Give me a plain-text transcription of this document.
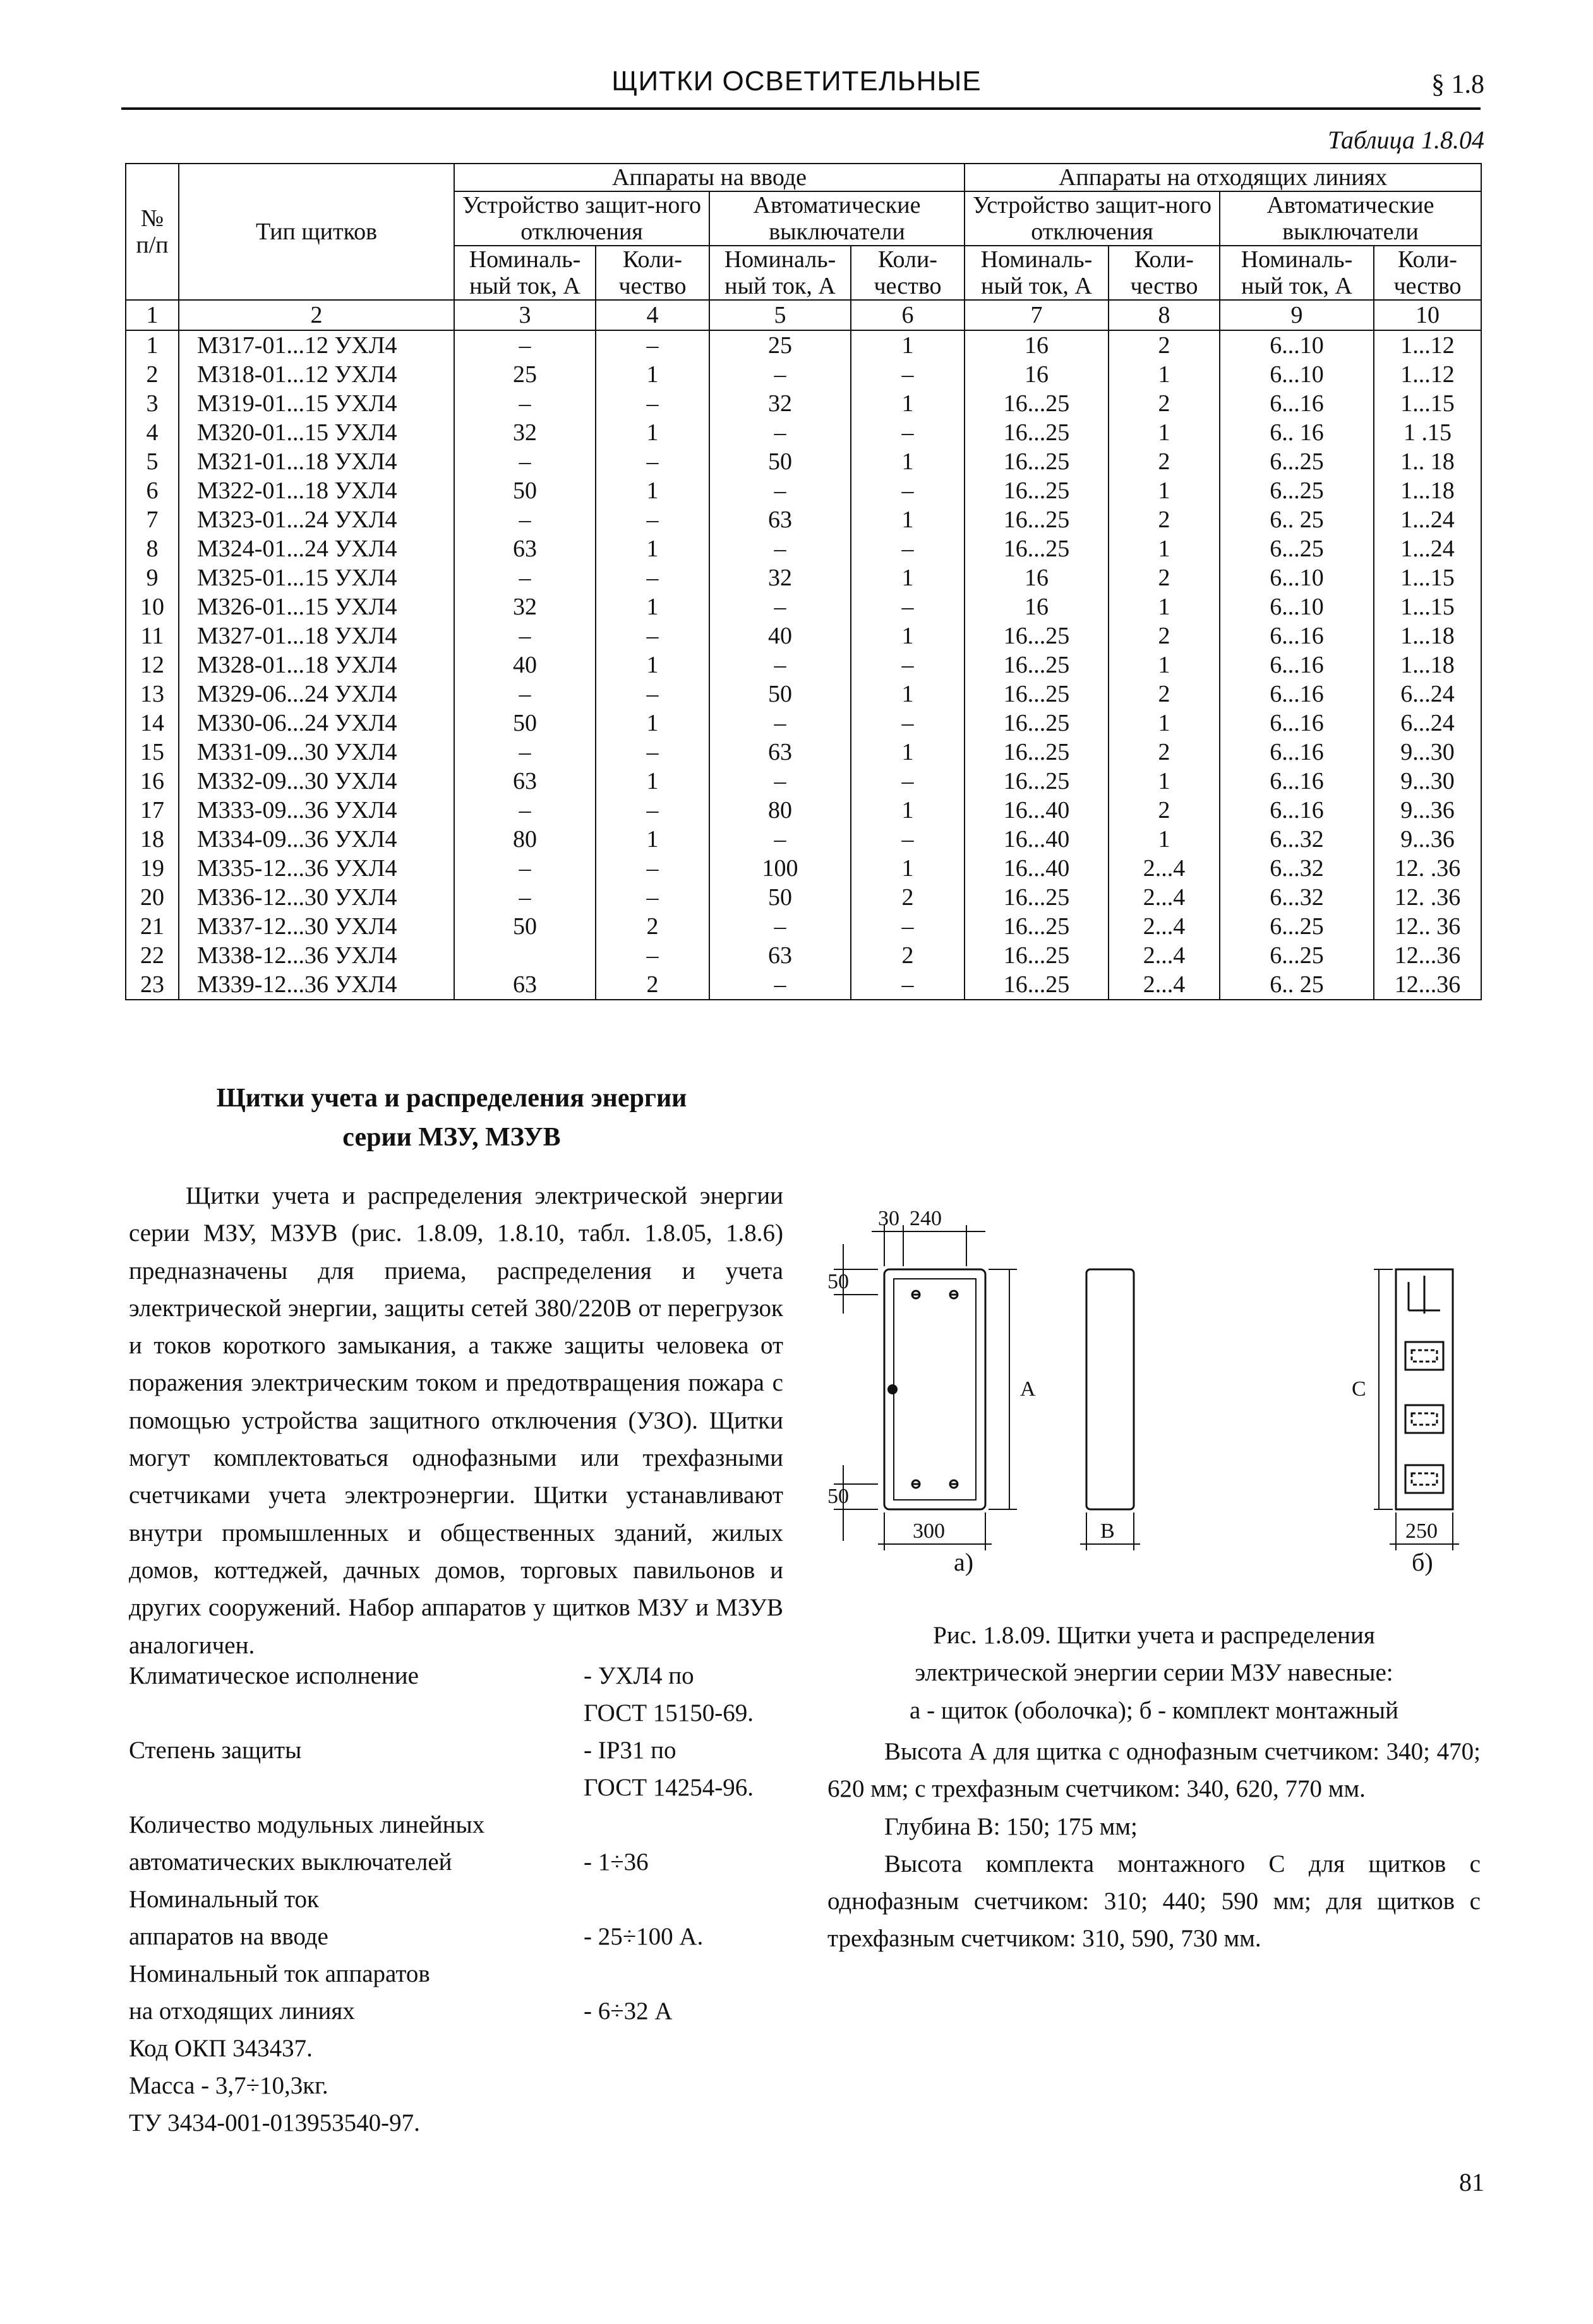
ЩИТКИ ОСВЕТИТЕЛЬНЫЕ	§ 1.8
Таблица 1.8.04
№ п/п	Тип щитков	Аппараты на вводе				Аппараты на отходящих линиях			
		Устройство защит-ного отключения		Автоматические выключатели		Устройство защит-ного отключения		Автоматические выключатели	
		Номиналь-ный ток, А	Коли-чество	Номиналь-ный ток, А	Коли-чество	Номиналь-ный ток, А	Коли-чество	Номиналь-ный ток, А	Коли-чество
1	2	3	4	5	6	7	8	9	10
1	М317-01...12 УХЛ4	–	–	25	1	16	2	6...10	1...12
2	М318-01...12 УХЛ4	25	1	–	–	16	1	6...10	1...12
3	М319-01...15 УХЛ4	–	–	32	1	16...25	2	6...16	1...15
4	М320-01...15 УХЛ4	32	1	–	–	16...25	1	6.. 16	1 .15
5	М321-01...18 УХЛ4	–	–	50	1	16...25	2	6...25	1.. 18
6	М322-01...18 УХЛ4	50	1	–	–	16...25	1	6...25	1...18
7	М323-01...24 УХЛ4	–	–	63	1	16...25	2	6.. 25	1...24
8	М324-01...24 УХЛ4	63	1	–	–	16...25	1	6...25	1...24
9	М325-01...15 УХЛ4	–	–	32	1	16	2	6...10	1...15
10	М326-01...15 УХЛ4	32	1	–	–	16	1	6...10	1...15
11	М327-01...18 УХЛ4	–	–	40	1	16...25	2	6...16	1...18
12	М328-01...18 УХЛ4	40	1	–	–	16...25	1	6...16	1...18
13	М329-06...24 УХЛ4	–	–	50	1	16...25	2	6...16	6...24
14	М330-06...24 УХЛ4	50	1	–	–	16...25	1	6...16	6...24
15	М331-09...30 УХЛ4	–	–	63	1	16...25	2	6...16	9...30
16	М332-09...30 УХЛ4	63	1	–	–	16...25	1	6...16	9...30
17	М333-09...36 УХЛ4	–	–	80	1	16...40	2	6...16	9...36
18	М334-09...36 УХЛ4	80	1	–	–	16...40	1	6...32	9...36
19	М335-12...36 УХЛ4	–	–	100	1	16...40	2...4	6...32	12. .36
20	М336-12...30 УХЛ4	–	–	50	2	16...25	2...4	6...32	12. .36
21	М337-12...30 УХЛ4	50	2	–	–	16...25	2...4	6...25	12.. 36
22	М338-12...36 УХЛ4		–	63	2	16...25	2...4	6...25	12...36
23	М339-12...36 УХЛ4	63	2	–	–	16...25	2...4	6.. 25	12...36
Щитки учета и распределения энергии
серии МЗУ, МЗУВ
Щитки учета и распределения электрической энергии серии МЗУ, МЗУВ (рис. 1.8.09, 1.8.10, табл. 1.8.05, 1.8.6) предназначены для приема, распределения и учета электрической энергии, защиты сетей 380/220В от перегрузок и токов короткого замыкания, а также защиты человека от поражения электрическим током и предотвращения пожара с помощью устройства защитного отключения (УЗО). Щитки могут комплектоваться однофазными или трехфазными счетчиками учета электроэнергии. Щитки устанавливают внутри промышленных и общественных зданий, жилых домов, коттеджей, дачных домов, торговых павильонов и других сооружений. Набор аппаратов у щитков МЗУ и МЗУВ аналогичен.
Климатическое исполнение	- УХЛ4 по
ГОСТ 15150-69.
Степень защиты	- IP31 по
ГОСТ 14254-96.
Количество модульных линейных
автоматических выключателей	- 1÷36
Номинальный ток
аппаратов на вводе	- 25÷100 А.
Номинальный ток аппаратов
на отходящих линиях	- 6÷32 А
Код ОКП 343437.
Масса - 3,7÷10,3кг.
ТУ 3434-001-013953540-97.
30 240
50
50
А
300	В
С
250
а)	б)
Рис. 1.8.09. Щитки учета и распределения
электрической энергии серии МЗУ навесные:
а - щиток (оболочка); б - комплект монтажный

Высота А для щитка с однофазным счетчиком: 340; 470; 620 мм; с трехфазным счетчиком: 340, 620, 770 мм.

Глубина В: 150; 175 мм;

Высота комплекта монтажного С для щитков с однофазным счетчиком: 310; 440; 590 мм; для щитков с трехфазным счетчиком: 310, 590, 730 мм.

81
